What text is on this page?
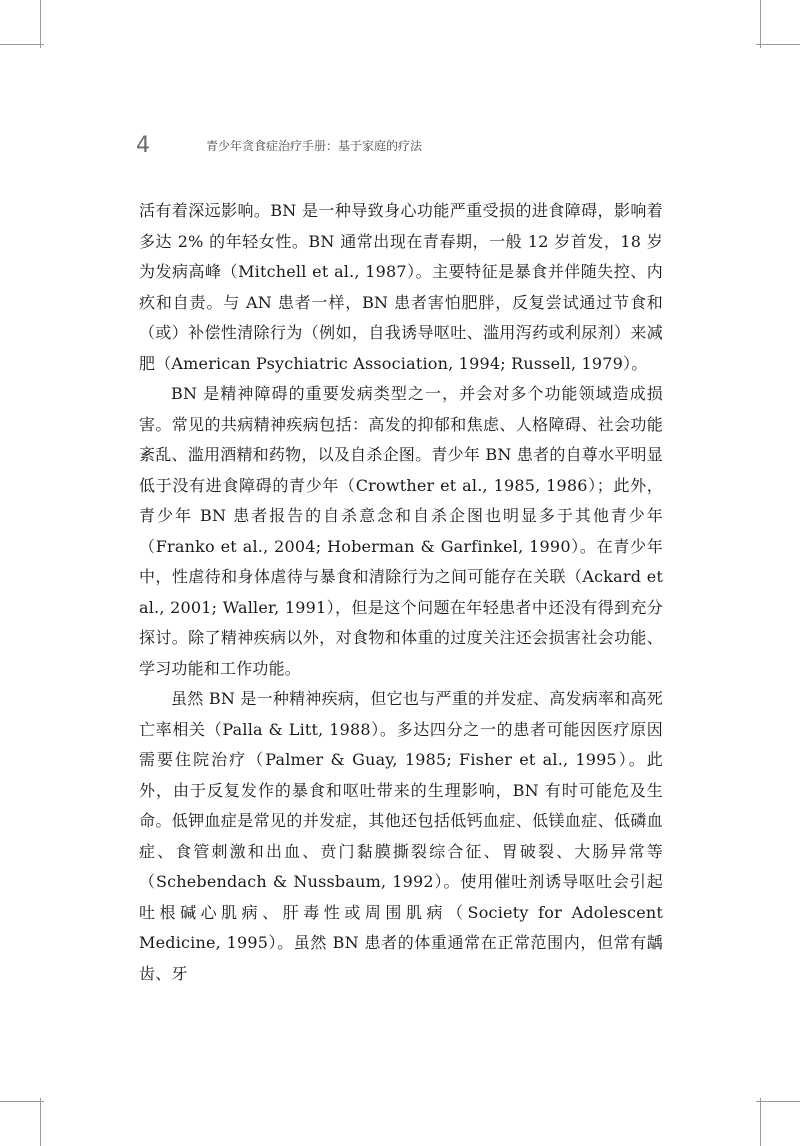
4	青少年贪食症治疗手册：基于家庭的疗法

活有着深远影响。BN 是一种导致身心功能严重受损的进食障碍，影响着多达 2% 的年轻女性。BN 通常出现在青春期，一般 12 岁首发，18 岁为发病高峰（Mitchell et al., 1987）。主要特征是暴食并伴随失控、内疚和自责。与 AN 患者一样，BN 患者害怕肥胖，反复尝试通过节食和（或）补偿性清除行为（例如，自我诱导呕吐、滥用泻药或利尿剂）来减肥（American Psychiatric Association, 1994; Russell, 1979）。

BN 是精神障碍的重要发病类型之一，并会对多个功能领域造成损害。常见的共病精神疾病包括：高发的抑郁和焦虑、人格障碍、社会功能紊乱、滥用酒精和药物，以及自杀企图。青少年 BN 患者的自尊水平明显低于没有进食障碍的青少年（Crowther et al., 1985, 1986）；此外，青少年 BN 患者报告的自杀意念和自杀企图也明显多于其他青少年（Franko et al., 2004; Hoberman & Garfinkel, 1990）。在青少年中，性虐待和身体虐待与暴食和清除行为之间可能存在关联（Ackard et al., 2001; Waller, 1991），但是这个问题在年轻患者中还没有得到充分探讨。除了精神疾病以外，对食物和体重的过度关注还会损害社会功能、学习功能和工作功能。

虽然 BN 是一种精神疾病，但它也与严重的并发症、高发病率和高死亡率相关（Palla & Litt, 1988）。多达四分之一的患者可能因医疗原因需要住院治疗（Palmer & Guay, 1985; Fisher et al., 1995）。此外，由于反复发作的暴食和呕吐带来的生理影响，BN 有时可能危及生命。低钾血症是常见的并发症，其他还包括低钙血症、低镁血症、低磷血症、食管刺激和出血、贲门黏膜撕裂综合征、胃破裂、大肠异常等（Schebendach & Nussbaum, 1992）。使用催吐剂诱导呕吐会引起吐根碱心肌病、肝毒性或周围肌病（Society for Adolescent Medicine, 1995）。虽然 BN 患者的体重通常在正常范围内，但常有龋齿、牙
